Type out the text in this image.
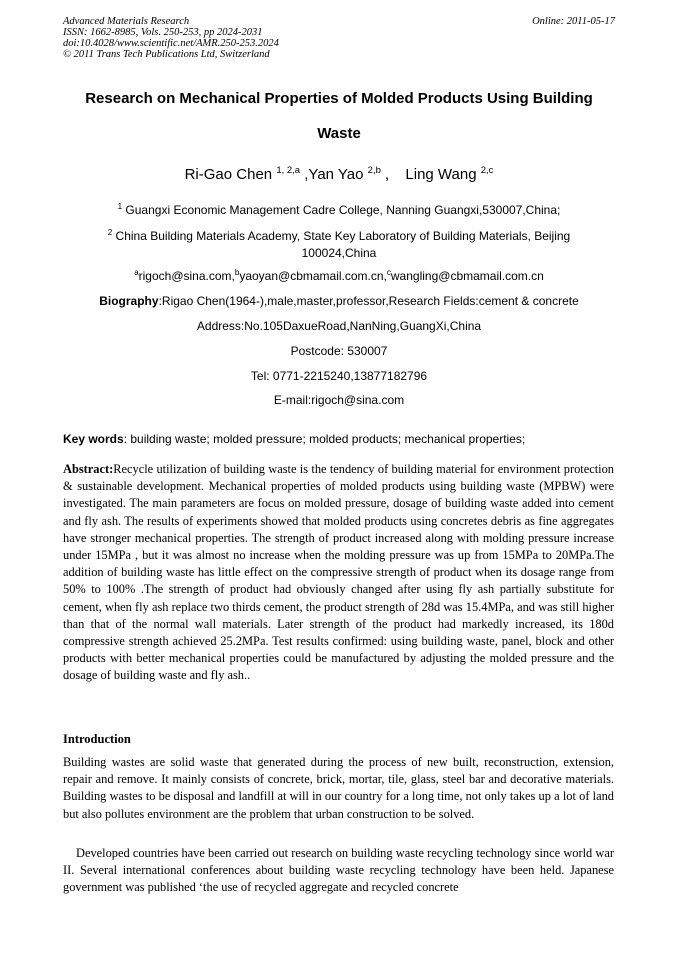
Advanced Materials Research
ISSN: 1662-8985, Vols. 250-253, pp 2024-2031
doi:10.4028/www.scientific.net/AMR.250-253.2024
© 2011 Trans Tech Publications Ltd, Switzerland
Online: 2011-05-17
Research on Mechanical Properties of Molded Products Using Building
Waste
Ri-Gao Chen $^{1, 2,a}$ ,Yan Yao $^{2,b}$ , Ling Wang $^{2,c}$
$^1$ Guangxi Economic Management Cadre College, Nanning Guangxi,530007,China;
$^2$ China Building Materials Academy, State Key Laboratory of Building Materials, Beijing 100024,China
$^a$rigoch@sina.com,$^b$yaoyan@cbmamail.com.cn,$^c$wangling@cbmamail.com.cn
Biography:Rigao Chen(1964-),male,master,professor,Research Fields:cement & concrete
Address:No.105DaxueRoad,NanNing,GuangXi,China
Postcode: 530007
Tel: 0771-2215240,13877182796
E-mail:rigoch@sina.com
Key words: building waste; molded pressure; molded products; mechanical properties;
Abstract:Recycle utilization of building waste is the tendency of building material for environment protection & sustainable development. Mechanical properties of molded products using building waste (MPBW) were investigated. The main parameters are focus on molded pressure, dosage of building waste added into cement and fly ash. The results of experiments showed that molded products using concretes debris as fine aggregates have stronger mechanical properties. The strength of product increased along with molding pressure increase under 15MPa , but it was almost no increase when the molding pressure was up from 15MPa to 20MPa.The addition of building waste has little effect on the compressive strength of product when its dosage range from 50% to 100% .The strength of product had obviously changed after using fly ash partially substitute for cement, when fly ash replace two thirds cement, the product strength of 28d was 15.4MPa, and was still higher than that of the normal wall materials. Later strength of the product had markedly increased, its 180d compressive strength achieved 25.2MPa. Test results confirmed: using building waste, panel, block and other products with better mechanical properties could be manufactured by adjusting the molded pressure and the dosage of building waste and fly ash..
Introduction
Building wastes are solid waste that generated during the process of new built, reconstruction, extension, repair and remove. It mainly consists of concrete, brick, mortar, tile, glass, steel bar and decorative materials. Building wastes to be disposal and landfill at will in our country for a long time, not only takes up a lot of land but also pollutes environment are the problem that urban construction to be solved.
Developed countries have been carried out research on building waste recycling technology since world war II. Several international conferences about building waste recycling technology have been held. Japanese government was published ‘the use of recycled aggregate and recycled concrete
